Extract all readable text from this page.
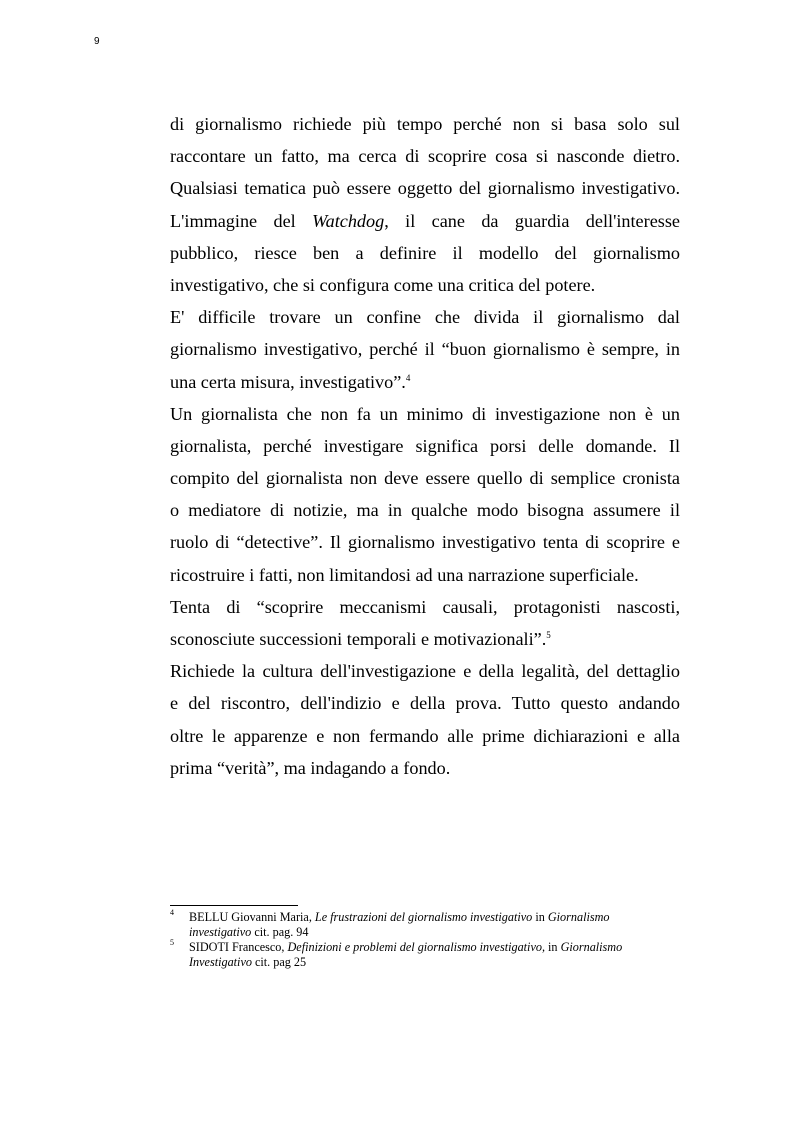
9
di giornalismo richiede più tempo perché non si basa solo sul
raccontare un fatto, ma cerca di scoprire cosa si nasconde dietro.
Qualsiasi tematica può essere oggetto del giornalismo investigativo.
L'immagine del Watchdog, il cane da guardia dell'interesse
pubblico, riesce ben a definire il modello del giornalismo
investigativo, che si configura come una critica del potere.
E' difficile trovare un confine che divida il giornalismo dal
giornalismo investigativo, perché il “buon giornalismo è sempre, in
una certa misura, investigativo”.$^4$
Un giornalista che non fa un minimo di investigazione non è un
giornalista, perché investigare significa porsi delle domande. Il
compito del giornalista non deve essere quello di semplice cronista
o mediatore di notizie, ma in qualche modo bisogna assumere il
ruolo di “detective”. Il giornalismo investigativo tenta di scoprire e
ricostruire i fatti, non limitandosi ad una narrazione superficiale.
Tenta di “scoprire meccanismi causali, protagonisti nascosti,
sconosciute successioni temporali e motivazionali”.$^5$
Richiede la cultura dell'investigazione e della legalità, del dettaglio
e del riscontro, dell'indizio e della prova. Tutto questo andando
oltre le apparenze e non fermando alle prime dichiarazioni e alla
prima “verità”, ma indagando a fondo.
4 BELLU Giovanni Maria, Le frustrazioni del giornalismo investigativo in Giornalismo
investigativo cit. pag. 94
5 SIDOTI Francesco, Definizioni e problemi del giornalismo investigativo, in Giornalismo
Investigativo cit. pag 25
